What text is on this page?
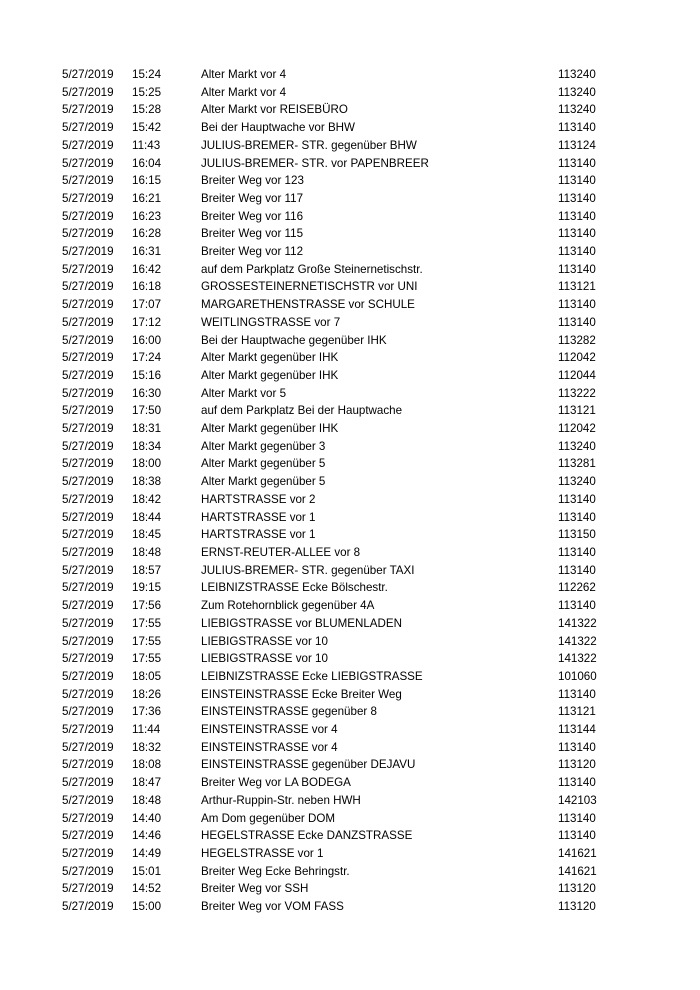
5/27/2019	15:24	Alter Markt vor 4	113240
5/27/2019	15:25	Alter Markt vor 4	113240
5/27/2019	15:28	Alter Markt vor REISEBÜRO	113240
5/27/2019	15:42	Bei der Hauptwache vor BHW	113140
5/27/2019	11:43	JULIUS-BREMER- STR. gegenüber BHW	113124
5/27/2019	16:04	JULIUS-BREMER- STR. vor PAPENBREER	113140
5/27/2019	16:15	Breiter Weg vor 123	113140
5/27/2019	16:21	Breiter Weg vor 117	113140
5/27/2019	16:23	Breiter Weg vor 116	113140
5/27/2019	16:28	Breiter Weg vor 115	113140
5/27/2019	16:31	Breiter Weg vor 112	113140
5/27/2019	16:42	auf dem Parkplatz Große Steinernetischstr.	113140
5/27/2019	16:18	GROSSESTEINERNETISCHSTR vor UNI	113121
5/27/2019	17:07	MARGARETHENSTRASSE vor SCHULE	113140
5/27/2019	17:12	WEITLINGSTRASSE vor 7	113140
5/27/2019	16:00	Bei der Hauptwache gegenüber IHK	113282
5/27/2019	17:24	Alter Markt gegenüber IHK	112042
5/27/2019	15:16	Alter Markt gegenüber IHK	112044
5/27/2019	16:30	Alter Markt vor 5	113222
5/27/2019	17:50	auf dem Parkplatz Bei der Hauptwache	113121
5/27/2019	18:31	Alter Markt gegenüber IHK	112042
5/27/2019	18:34	Alter Markt gegenüber 3	113240
5/27/2019	18:00	Alter Markt gegenüber 5	113281
5/27/2019	18:38	Alter Markt gegenüber 5	113240
5/27/2019	18:42	HARTSTRASSE vor 2	113140
5/27/2019	18:44	HARTSTRASSE vor 1	113140
5/27/2019	18:45	HARTSTRASSE vor 1	113150
5/27/2019	18:48	ERNST-REUTER-ALLEE vor 8	113140
5/27/2019	18:57	JULIUS-BREMER- STR. gegenüber TAXI	113140
5/27/2019	19:15	LEIBNIZSTRASSE Ecke Bölschestr.	112262
5/27/2019	17:56	Zum Rotehornblick gegenüber 4A	113140
5/27/2019	17:55	LIEBIGSTRASSE vor BLUMENLADEN	141322
5/27/2019	17:55	LIEBIGSTRASSE vor 10	141322
5/27/2019	17:55	LIEBIGSTRASSE vor 10	141322
5/27/2019	18:05	LEIBNIZSTRASSE Ecke LIEBIGSTRASSE	101060
5/27/2019	18:26	EINSTEINSTRASSE Ecke Breiter Weg	113140
5/27/2019	17:36	EINSTEINSTRASSE gegenüber 8	113121
5/27/2019	11:44	EINSTEINSTRASSE vor 4	113144
5/27/2019	18:32	EINSTEINSTRASSE vor 4	113140
5/27/2019	18:08	EINSTEINSTRASSE gegenüber DEJAVU	113120
5/27/2019	18:47	Breiter Weg vor LA BODEGA	113140
5/27/2019	18:48	Arthur-Ruppin-Str. neben HWH	142103
5/27/2019	14:40	Am Dom gegenüber DOM	113140
5/27/2019	14:46	HEGELSTRASSE Ecke DANZSTRASSE	113140
5/27/2019	14:49	HEGELSTRASSE vor 1	141621
5/27/2019	15:01	Breiter Weg Ecke Behringstr.	141621
5/27/2019	14:52	Breiter Weg vor SSH	113120
5/27/2019	15:00	Breiter Weg vor VOM FASS	113120
